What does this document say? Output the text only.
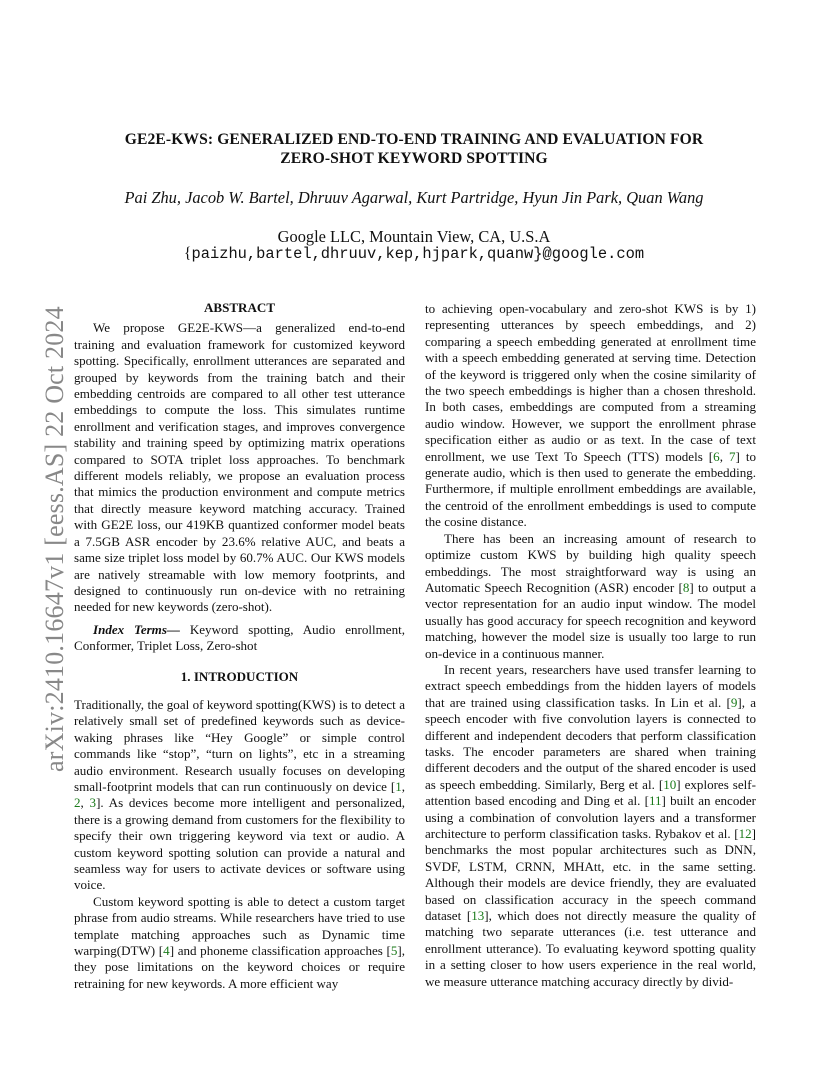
arXiv:2410.16647v1 [eess.AS] 22 Oct 2024
GE2E-KWS: GENERALIZED END-TO-END TRAINING AND EVALUATION FOR
ZERO-SHOT KEYWORD SPOTTING
Pai Zhu, Jacob W. Bartel, Dhruuv Agarwal, Kurt Partridge, Hyun Jin Park, Quan Wang
Google LLC, Mountain View, CA, U.S.A
{paizhu,bartel,dhruuv,kep,hjpark,quanw}@google.com
ABSTRACT

We propose GE2E-KWS—a generalized end-to-end training and evaluation framework for customized keyword spotting. Specifically, enrollment utterances are separated and grouped by keywords from the training batch and their embedding centroids are compared to all other test utterance embeddings to compute the loss. This simulates runtime enrollment and verification stages, and improves convergence stability and training speed by optimizing matrix operations compared to SOTA triplet loss approaches. To benchmark different models reliably, we propose an evaluation process that mimics the production environment and compute metrics that directly measure keyword matching accuracy. Trained with GE2E loss, our 419KB quantized conformer model beats a 7.5GB ASR encoder by 23.6% relative AUC, and beats a same size triplet loss model by 60.7% AUC. Our KWS models are natively streamable with low memory footprints, and designed to continuously run on-device with no retraining needed for new keywords (zero-shot).

Index Terms— Keyword spotting, Audio enrollment, Conformer, Triplet Loss, Zero-shot

1. INTRODUCTION

Traditionally, the goal of keyword spotting(KWS) is to detect a relatively small set of predefined keywords such as device-waking phrases like “Hey Google” or simple control commands like “stop”, “turn on lights”, etc in a streaming audio environment. Research usually focuses on developing small-footprint models that can run continuously on device [1, 2, 3]. As devices become more intelligent and personalized, there is a growing demand from customers for the flexibility to specify their own triggering keyword via text or audio. A custom keyword spotting solution can provide a natural and seamless way for users to activate devices or software using voice.

Custom keyword spotting is able to detect a custom target phrase from audio streams. While researchers have tried to use template matching approaches such as Dynamic time warping(DTW) [4] and phoneme classification approaches [5], they pose limitations on the keyword choices or require retraining for new keywords. A more efficient way

to achieving open-vocabulary and zero-shot KWS is by 1) representing utterances by speech embeddings, and 2) comparing a speech embedding generated at enrollment time with a speech embedding generated at serving time. Detection of the keyword is triggered only when the cosine similarity of the two speech embeddings is higher than a chosen threshold. In both cases, embeddings are computed from a streaming audio window. However, we support the enrollment phrase specification either as audio or as text. In the case of text enrollment, we use Text To Speech (TTS) models [6, 7] to generate audio, which is then used to generate the embedding. Furthermore, if multiple enrollment embeddings are available, the centroid of the enrollment embeddings is used to compute the cosine distance.

There has been an increasing amount of research to optimize custom KWS by building high quality speech embeddings. The most straightforward way is using an Automatic Speech Recognition (ASR) encoder [8] to output a vector representation for an audio input window. The model usually has good accuracy for speech recognition and keyword matching, however the model size is usually too large to run on-device in a continuous manner.

In recent years, researchers have used transfer learning to extract speech embeddings from the hidden layers of models that are trained using classification tasks. In Lin et al. [9], a speech encoder with five convolution layers is connected to different and independent decoders that perform classification tasks. The encoder parameters are shared when training different decoders and the output of the shared encoder is used as speech embedding. Similarly, Berg et al. [10] explores self-attention based encoding and Ding et al. [11] built an encoder using a combination of convolution layers and a transformer architecture to perform classification tasks. Rybakov et al. [12] benchmarks the most popular architectures such as DNN, SVDF, LSTM, CRNN, MHAtt, etc. in the same setting. Although their models are device friendly, they are evaluated based on classification accuracy in the speech command dataset [13], which does not directly measure the quality of matching two separate utterances (i.e. test utterance and enrollment utterance). To evaluating keyword spotting quality in a setting closer to how users experience in the real world, we measure utterance matching accuracy directly by divid-
